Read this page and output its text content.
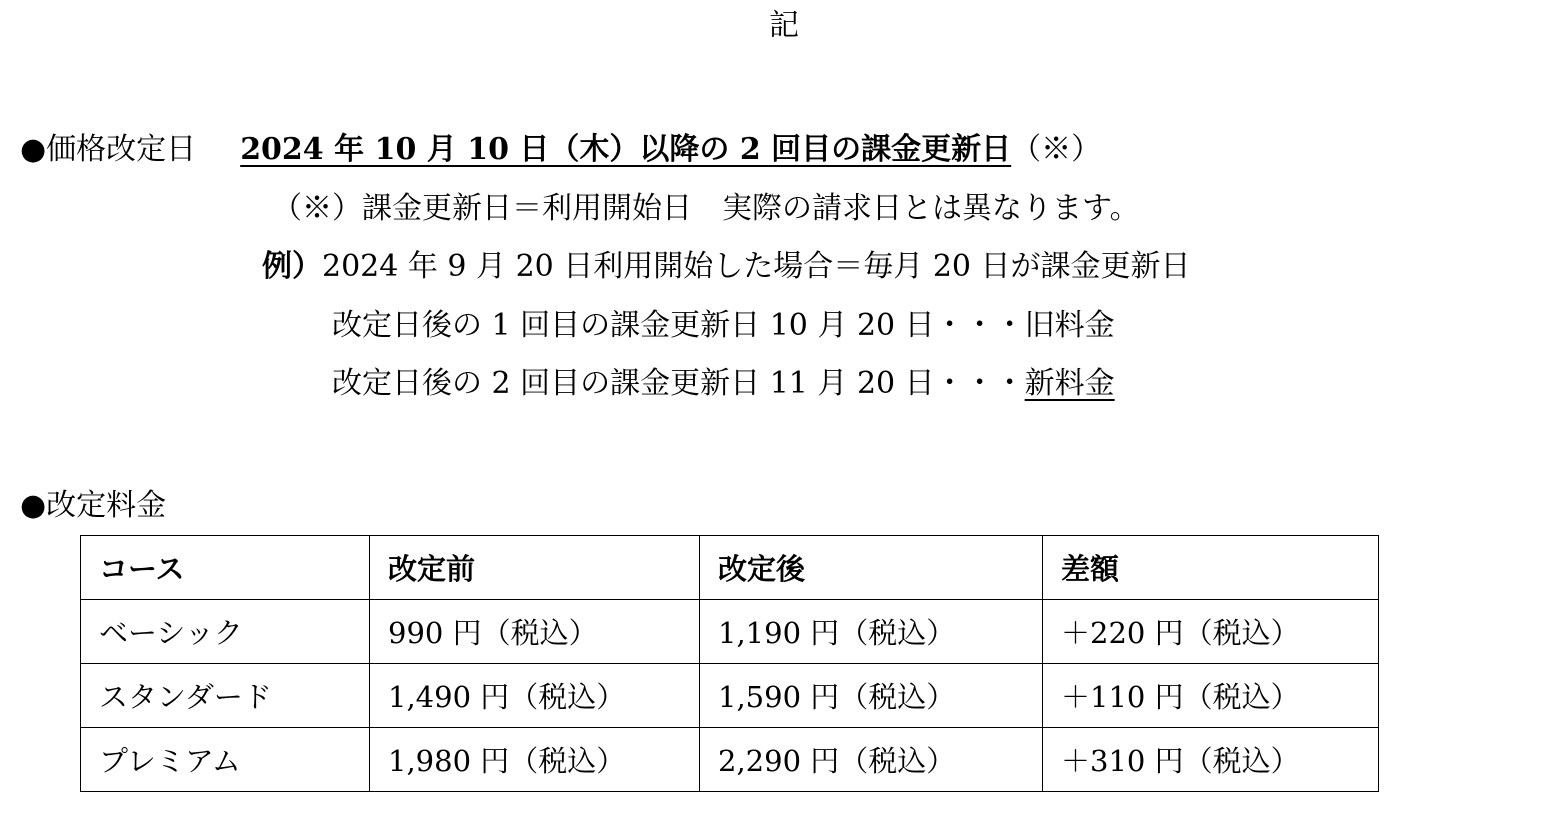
記
●価格改定日 2024 年 10 月 10 日（木）以降の 2 回目の課金更新日（※）
（※）課金更新日＝利用開始日　実際の請求日とは異なります。
例）2024 年 9 月 20 日利用開始した場合＝毎月 20 日が課金更新日
改定日後の 1 回目の課金更新日 10 月 20 日・・・旧料金
改定日後の 2 回目の課金更新日 11 月 20 日・・・新料金
●改定料金
コース	改定前	改定後	差額
ベーシック	990 円（税込）	1,190 円（税込）	＋220 円（税込）
スタンダード	1,490 円（税込）	1,590 円（税込）	＋110 円（税込）
プレミアム	1,980 円（税込）	2,290 円（税込）	＋310 円（税込）
